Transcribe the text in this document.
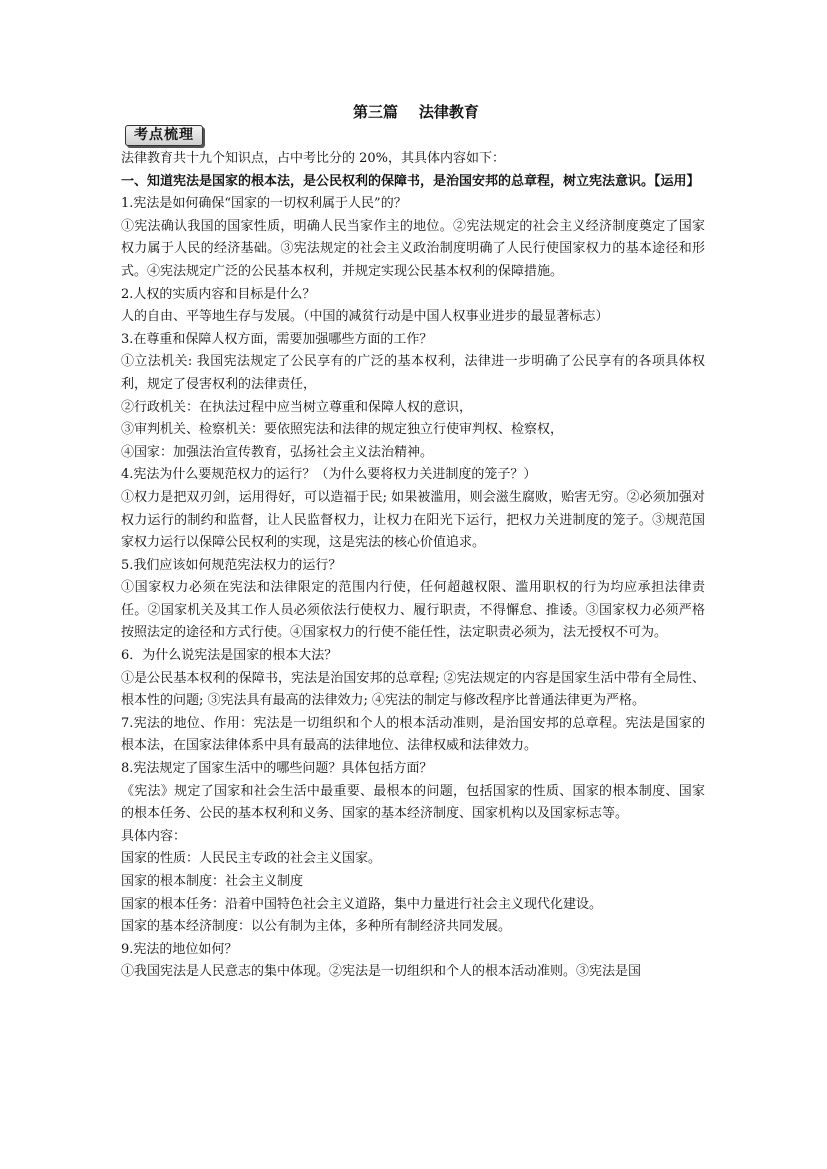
第三篇    法律教育
考点梳理

法律教育共十九个知识点，占中考比分的 20%，其具体内容如下：

一、知道宪法是国家的根本法，是公民权利的保障书，是治国安邦的总章程，树立宪法意识。【运用】

1.宪法是如何确保“国家的一切权利属于人民”的？

①宪法确认我国的国家性质，明确人民当家作主的地位。②宪法规定的社会主义经济制度奠定了国家权力属于人民的经济基础。③宪法规定的社会主义政治制度明确了人民行使国家权力的基本途径和形式。④宪法规定广泛的公民基本权利，并规定实现公民基本权利的保障措施。

2.人权的实质内容和目标是什么？

人的自由、平等地生存与发展。（中国的减贫行动是中国人权事业进步的最显著标志）

3.在尊重和保障人权方面，需要加强哪些方面的工作？

①立法机关: 我国宪法规定了公民享有的广泛的基本权利，法律进一步明确了公民享有的各项具体权利，规定了侵害权利的法律责任，

②行政机关：在执法过程中应当树立尊重和保障人权的意识，

③审判机关、检察机关：要依照宪法和法律的规定独立行使审判权、检察权，

④国家：加强法治宣传教育，弘扬社会主义法治精神。

4.宪法为什么要规范权力的运行？（为什么要将权力关进制度的笼子？）

①权力是把双刃剑，运用得好，可以造福于民; 如果被滥用，则会滋生腐败，贻害无穷。②必须加强对权力运行的制约和监督，让人民监督权力，让权力在阳光下运行，把权力关进制度的笼子。③规范国家权力运行以保障公民权利的实现，这是宪法的核心价值追求。

5.我们应该如何规范宪法权力的运行？

①国家权力必须在宪法和法律限定的范围内行使，任何超越权限、滥用职权的行为均应承担法律责任。②国家机关及其工作人员必须依法行使权力、履行职责，不得懈怠、推诿。③国家权力必须严格按照法定的途径和方式行使。④国家权力的行使不能任性，法定职责必须为，法无授权不可为。

6．为什么说宪法是国家的根本大法？

①是公民基本权利的保障书，宪法是治国安邦的总章程; ②宪法规定的内容是国家生活中带有全局性、根本性的问题; ③宪法具有最高的法律效力; ④宪法的制定与修改程序比普通法律更为严格。

7.宪法的地位、作用：宪法是一切组织和个人的根本活动准则，是治国安邦的总章程。宪法是国家的根本法，在国家法律体系中具有最高的法律地位、法律权威和法律效力。

8.宪法规定了国家生活中的哪些问题？具体包括方面？

《宪法》规定了国家和社会生活中最重要、最根本的问题，包括国家的性质、国家的根本制度、国家的根本任务、公民的基本权利和义务、国家的基本经济制度、国家机构以及国家标志等。

具体内容：

国家的性质：人民民主专政的社会主义国家。

国家的根本制度：社会主义制度

国家的根本任务：沿着中国特色社会主义道路，集中力量进行社会主义现代化建设。

国家的基本经济制度：以公有制为主体，多种所有制经济共同发展。

9.宪法的地位如何？

①我国宪法是人民意志的集中体现。②宪法是一切组织和个人的根本活动准则。③宪法是国
